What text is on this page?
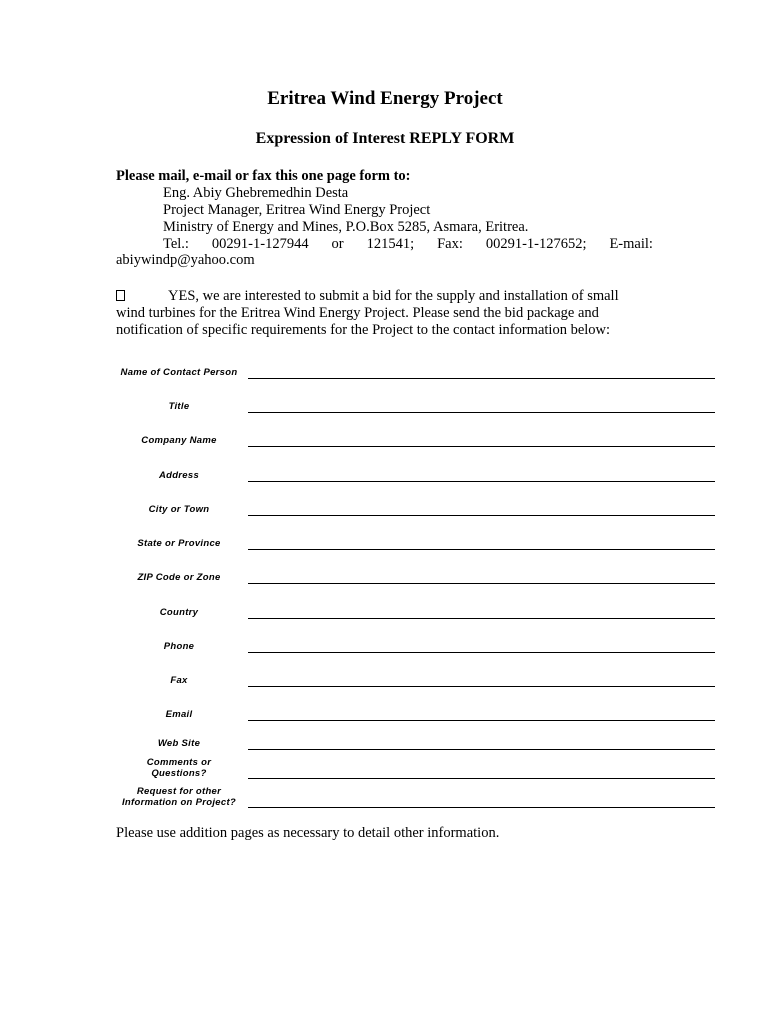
Eritrea Wind Energy Project
Expression of Interest REPLY FORM
Please mail, e-mail or fax this one page form to:
Eng. Abiy Ghebremedhin Desta
Project Manager, Eritrea Wind Energy Project
Ministry of Energy and Mines, P.O.Box 5285, Asmara, Eritrea.
Tel.: 00291-1-127944 or 121541; Fax: 00291-1-127652; E-mail:
abiywindp@yahoo.com
YES, we are interested to submit a bid for the supply and installation of small
wind turbines for the Eritrea Wind Energy Project. Please send the bid package and
notification of specific requirements for the Project to the contact information below:
Name of Contact Person
Title
Company Name
Address
City or Town
State or Province
ZIP Code or Zone
Country
Phone
Fax
Email
Web Site
Comments or Questions?
Request for other Information on Project?
Please use addition pages as necessary to detail other information.
